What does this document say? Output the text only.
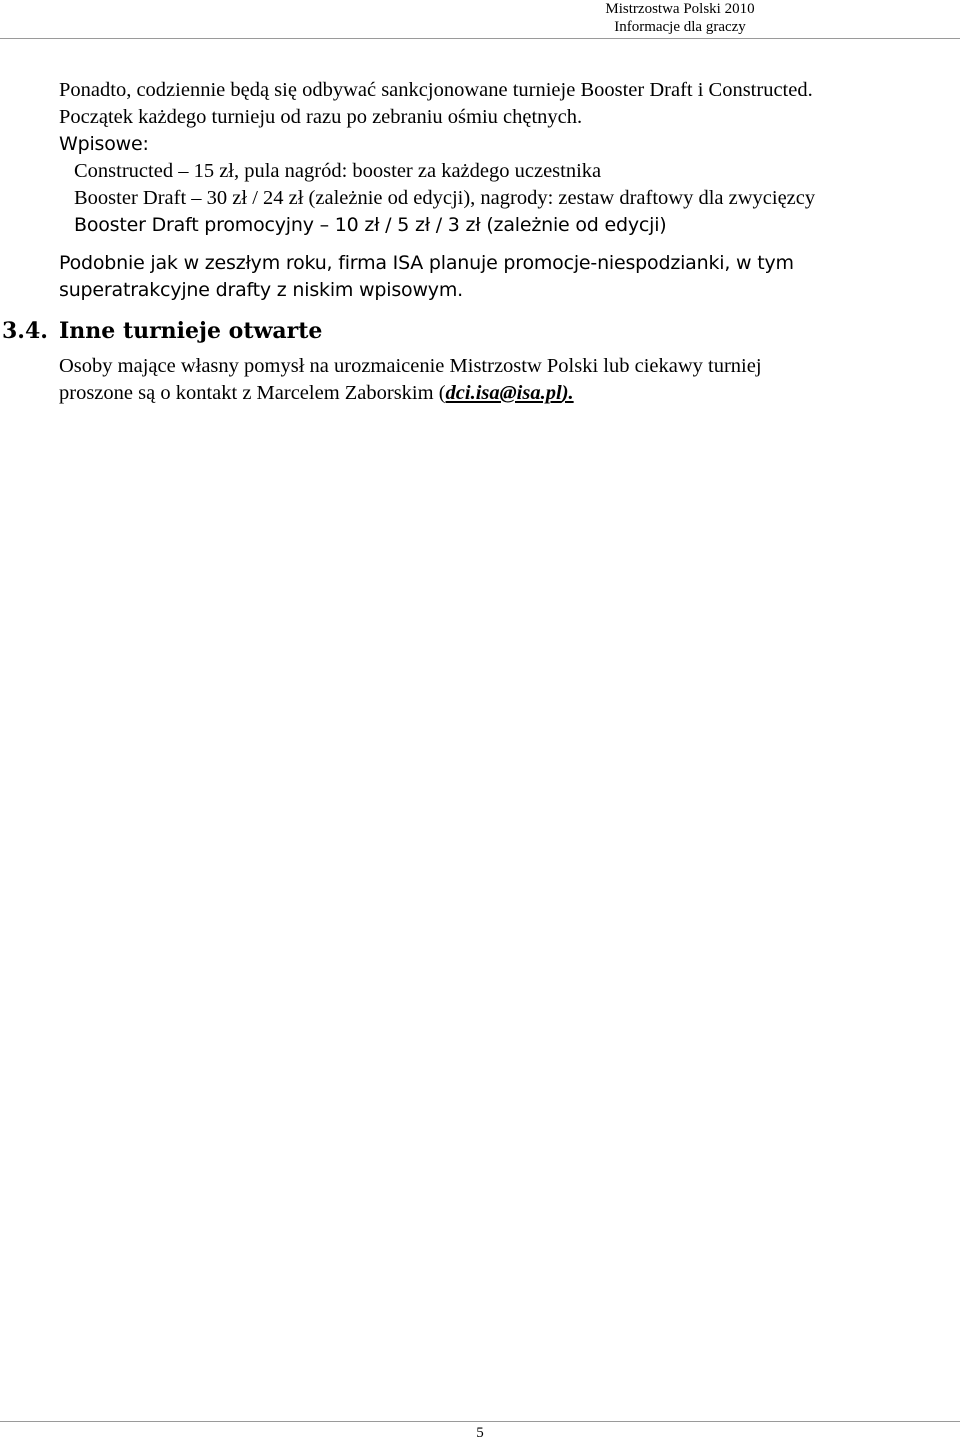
Mistrzostwa Polski 2010
Informacje dla graczy

Ponadto, codziennie będą się odbywać sankcjonowane turnieje Booster Draft i Constructed.

Początek każdego turnieju od razu po zebraniu ośmiu chętnych.

Wpisowe:

Constructed – 15 zł, pula nagród: booster za każdego uczestnika

Booster Draft – 30 zł / 24 zł (zależnie od edycji), nagrody: zestaw draftowy dla zwycięzcy

Booster Draft promocyjny – 10 zł / 5 zł / 3 zł (zależnie od edycji)

Podobnie jak w zeszłym roku, firma ISA planuje promocje-niespodzianki, w tym

superatrakcyjne drafty z niskim wpisowym.

3.4. Inne turnieje otwarte

Osoby mające własny pomysł na urozmaicenie Mistrzostw Polski lub ciekawy turniej

proszone są o kontakt z Marcelem Zaborskim (dci.isa@isa.pl).

5
